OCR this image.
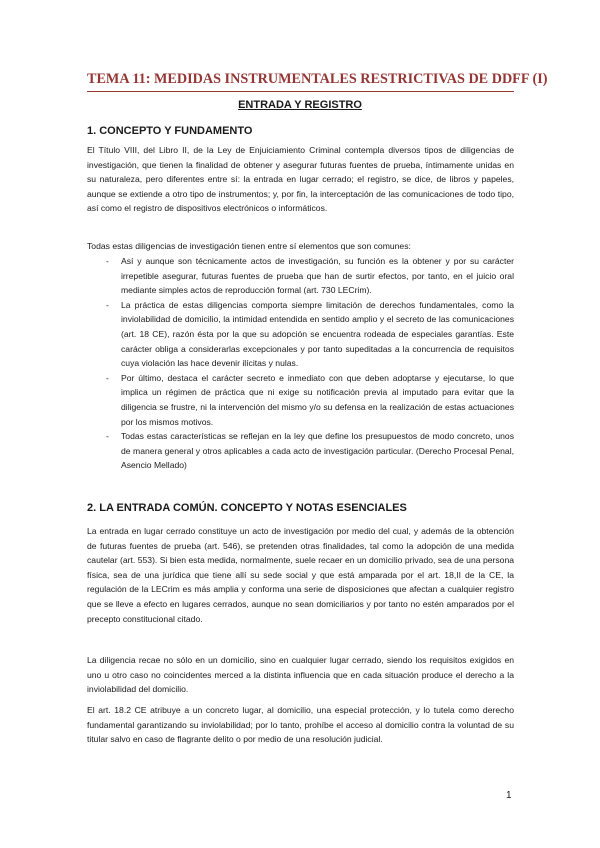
TEMA 11: MEDIDAS INSTRUMENTALES RESTRICTIVAS DE DDFF (I)
ENTRADA Y REGISTRO
1. CONCEPTO Y FUNDAMENTO

El Título VIII, del Libro II, de la Ley de Enjuiciamiento Criminal contempla diversos tipos de diligencias de investigación, que tienen la finalidad de obtener y asegurar futuras fuentes de prueba, íntimamente unidas en su naturaleza, pero diferentes entre sí: la entrada en lugar cerrado; el registro, se dice, de libros y papeles, aunque se extiende a otro tipo de instrumentos; y, por fin, la interceptación de las comunicaciones de todo tipo, así como el registro de dispositivos electrónicos o informáticos.

Todas estas diligencias de investigación tienen entre sí elementos que son comunes:

- Así y aunque son técnicamente actos de investigación, su función es la obtener y por su carácter irrepetible asegurar, futuras fuentes de prueba que han de surtir efectos, por tanto, en el juicio oral mediante simples actos de reproducción formal (art. 730 LECrim).
- La práctica de estas diligencias comporta siempre limitación de derechos fundamentales, como la inviolabilidad de domicilio, la intimidad entendida en sentido amplio y el secreto de las comunicaciones (art. 18 CE), razón ésta por la que su adopción se encuentra rodeada de especiales garantías. Este carácter obliga a considerarlas excepcionales y por tanto supeditadas a la concurrencia de requisitos cuya violación las hace devenir ilícitas y nulas.
- Por último, destaca el carácter secreto e inmediato con que deben adoptarse y ejecutarse, lo que implica un régimen de práctica que ni exige su notificación previa al imputado para evitar que la diligencia se frustre, ni la intervención del mismo y/o su defensa en la realización de estas actuaciones por los mismos motivos.
- Todas estas características se reflejan en la ley que define los presupuestos de modo concreto, unos de manera general y otros aplicables a cada acto de investigación particular. (Derecho Procesal Penal, Asencio Mellado)
2. LA ENTRADA COMÚN. CONCEPTO Y NOTAS ESENCIALES

La entrada en lugar cerrado constituye un acto de investigación por medio del cual, y además de la obtención de futuras fuentes de prueba (art. 546), se pretenden otras finalidades, tal como la adopción de una medida cautelar (art. 553). Si bien esta medida, normalmente, suele recaer en un domicilio privado, sea de una persona física, sea de una jurídica que tiene allí su sede social y que está amparada por el art. 18,II de la CE, la regulación de la LECrim es más amplia y conforma una serie de disposiciones que afectan a cualquier registro que se lleve a efecto en lugares cerrados, aunque no sean domiciliarios y por tanto no estén amparados por el precepto constitucional citado.

La diligencia recae no sólo en un domicilio, sino en cualquier lugar cerrado, siendo los requisitos exigidos en uno u otro caso no coincidentes merced a la distinta influencia que en cada situación produce el derecho a la inviolabilidad del domicilio.

El art. 18.2 CE atribuye a un concreto lugar, al domicilio, una especial protección, y lo tutela como derecho fundamental garantizando su inviolabilidad; por lo tanto, prohíbe el acceso al domicilio contra la voluntad de su titular salvo en caso de flagrante delito o por medio de una resolución judicial.

1
